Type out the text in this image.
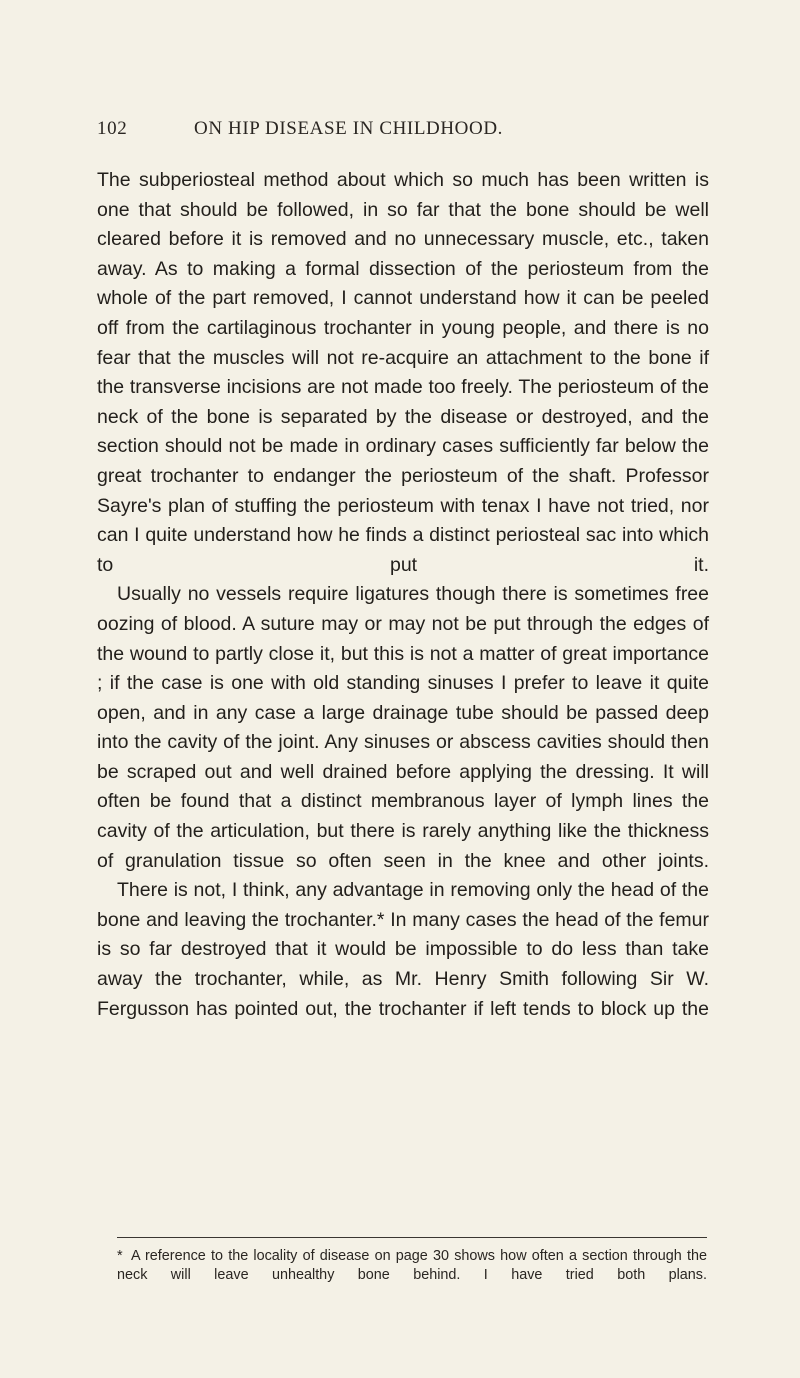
102	ON HIP DISEASE IN CHILDHOOD.

The subperiosteal method about which so much has been written is one that should be followed, in so far that the bone should be well cleared before it is removed and no unnecessary muscle, etc., taken away. As to making a formal dissection of the periosteum from the whole of the part removed, I cannot understand how it can be peeled off from the cartilaginous trochanter in young people, and there is no fear that the muscles will not re-acquire an attachment to the bone if the transverse incisions are not made too freely. The periosteum of the neck of the bone is separated by the disease or destroyed, and the section should not be made in ordinary cases sufficiently far below the great trochanter to endanger the periosteum of the shaft. Professor Sayre's plan of stuffing the periosteum with tenax I have not tried, nor can I quite understand how he finds a distinct periosteal sac into which to put it.

Usually no vessels require ligatures though there is sometimes free oozing of blood. A suture may or may not be put through the edges of the wound to partly close it, but this is not a matter of great importance ; if the case is one with old standing sinuses I prefer to leave it quite open, and in any case a large drainage tube should be passed deep into the cavity of the joint. Any sinuses or abscess cavities should then be scraped out and well drained before applying the dressing. It will often be found that a distinct membranous layer of lymph lines the cavity of the articulation, but there is rarely anything like the thickness of granulation tissue so often seen in the knee and other joints.

There is not, I think, any advantage in removing only the head of the bone and leaving the trochanter.* In many cases the head of the femur is so far destroyed that it would be impossible to do less than take away the trochanter, while, as Mr. Henry Smith following Sir W. Fergusson has pointed out, the trochanter if left tends to block up the

* A reference to the locality of disease on page 30 shows how often a section through the neck will leave unhealthy bone behind. I have tried both plans.
